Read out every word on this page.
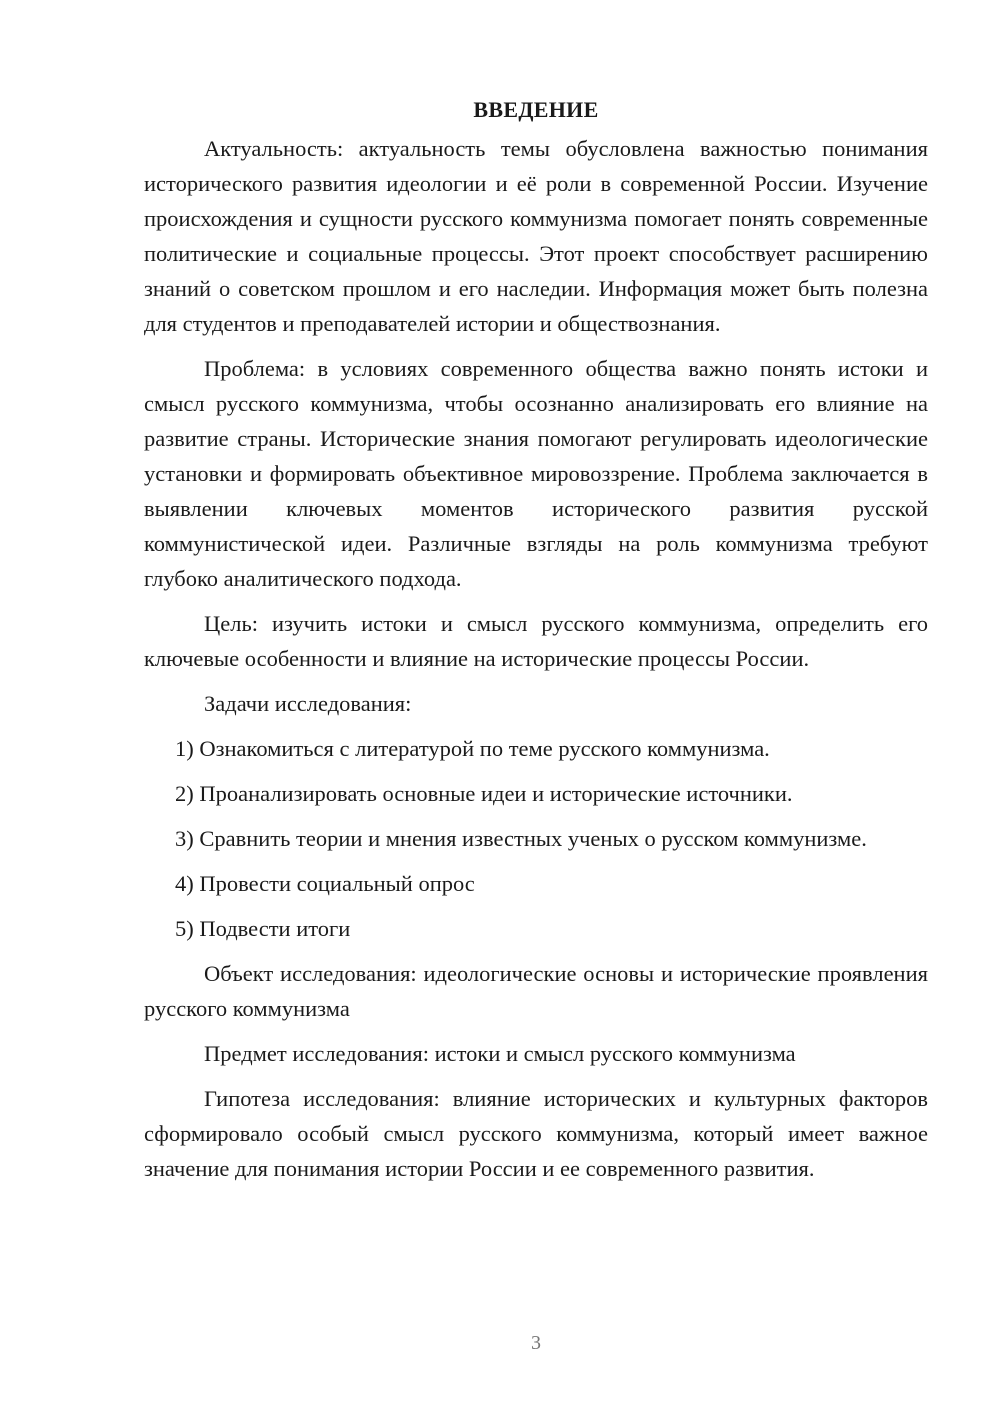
ВВЕДЕНИЕ

Актуальность: актуальность темы обусловлена важностью понимания исторического развития идеологии и её роли в современной России. Изучение происхождения и сущности русского коммунизма помогает понять современные политические и социальные процессы. Этот проект способствует расширению знаний о советском прошлом и его наследии. Информация может быть полезна для студентов и преподавателей истории и обществознания.

Проблема: в условиях современного общества важно понять истоки и смысл русского коммунизма, чтобы осознанно анализировать его влияние на развитие страны. Исторические знания помогают регулировать идеологические установки и формировать объективное мировоззрение. Проблема заключается в выявлении ключевых моментов исторического развития русской коммунистической идеи. Различные взгляды на роль коммунизма требуют глубоко аналитического подхода.

Цель: изучить истоки и смысл русского коммунизма, определить его ключевые особенности и влияние на исторические процессы России.

Задачи исследования:

1) Ознакомиться с литературой по теме русского коммунизма.

2) Проанализировать основные идеи и исторические источники.

3) Сравнить теории и мнения известных ученых о русском коммунизме.

4) Провести социальный опрос

5) Подвести итоги

Объект исследования: идеологические основы и исторические проявления русского коммунизма

Предмет исследования: истоки и смысл русского коммунизма

Гипотеза исследования: влияние исторических и культурных факторов сформировало особый смысл русского коммунизма, который имеет важное значение для понимания истории России и ее современного развития.

3
